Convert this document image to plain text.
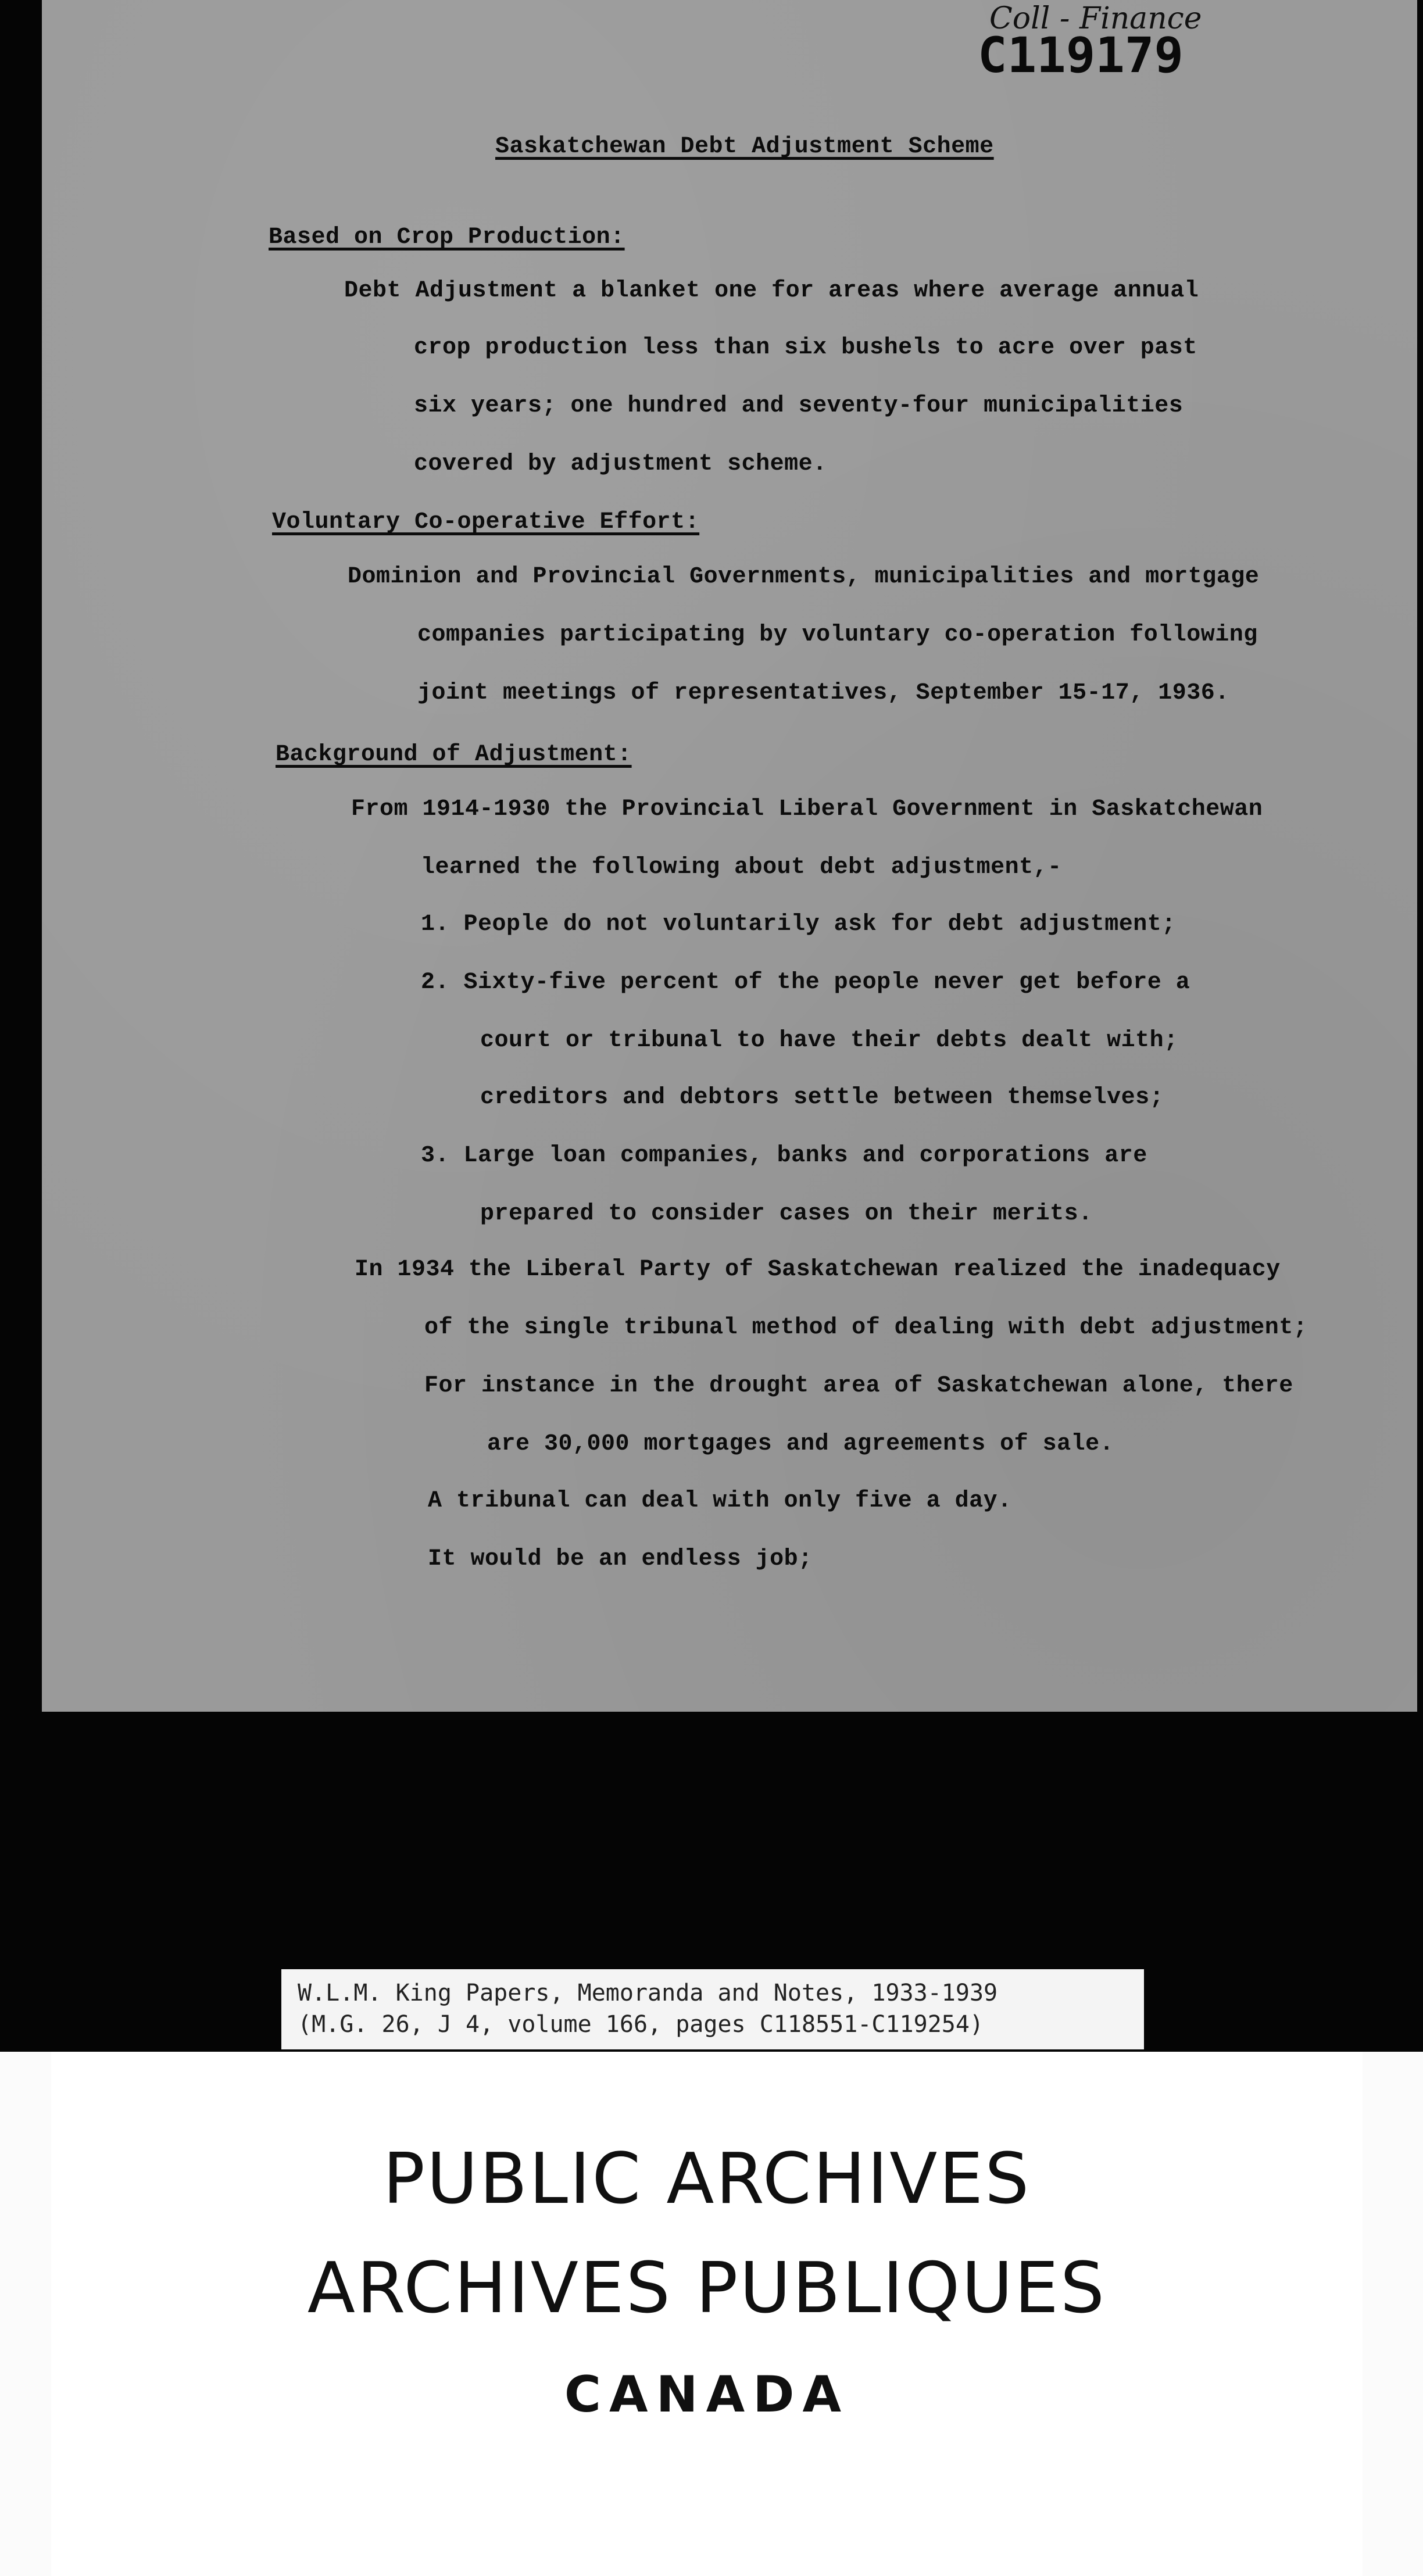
Coll - Finance
C119179
Saskatchewan Debt Adjustment Scheme
Based on Crop Production:
Debt Adjustment a blanket one for areas where average annual
crop production less than six bushels to acre over past
six years; one hundred and seventy-four municipalities
covered by adjustment scheme.
Voluntary Co-operative Effort:
Dominion and Provincial Governments, municipalities and mortgage
companies participating by voluntary co-operation following
joint meetings of representatives, September 15-17, 1936.
Background of Adjustment:
From 1914-1930 the Provincial Liberal Government in Saskatchewan
learned the following about debt adjustment,-
1. People do not voluntarily ask for debt adjustment;
2. Sixty-five percent of the people never get before a
court or tribunal to have their debts dealt with;
creditors and debtors settle between themselves;
3. Large loan companies, banks and corporations are
prepared to consider cases on their merits.
In 1934 the Liberal Party of Saskatchewan realized the inadequacy
of the single tribunal method of dealing with debt adjustment;
For instance in the drought area of Saskatchewan alone, there
are 30,000 mortgages and agreements of sale.
A tribunal can deal with only five a day.
It would be an endless job;
W.L.M. King Papers, Memoranda and Notes, 1933-1939
(M.G. 26, J 4, volume 166, pages C118551-C119254)
PUBLIC ARCHIVES
ARCHIVES PUBLIQUES
CANADA
